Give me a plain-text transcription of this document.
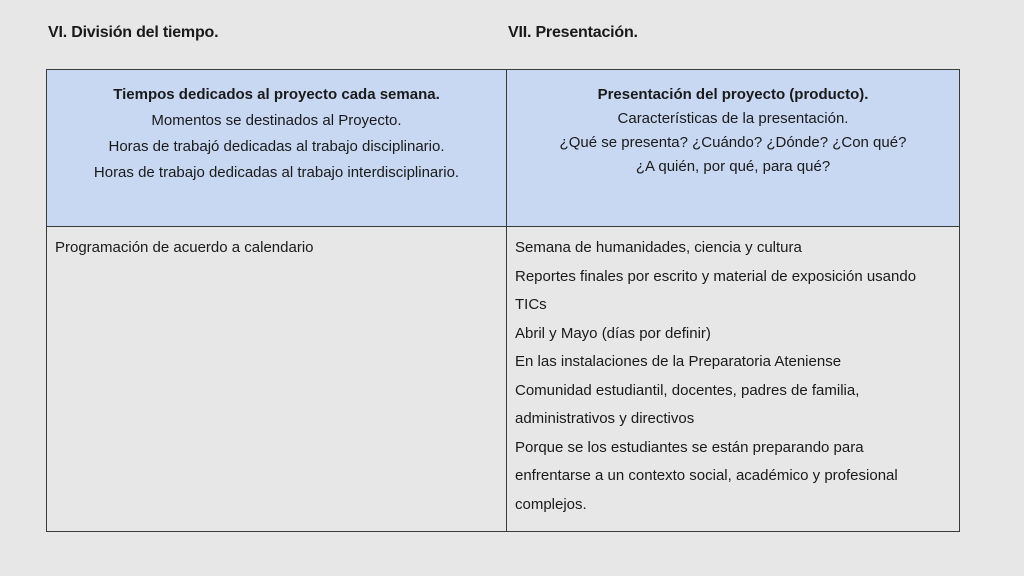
VI. División del tiempo.	VII. Presentación.
Tiempos dedicados al proyecto cada semana.
Momentos se destinados al Proyecto.
Horas de trabajó dedicadas al trabajo disciplinario.
Horas de trabajo dedicadas al trabajo interdisciplinario.
Presentación del proyecto (producto).
Características de la presentación.
¿Qué se presenta? ¿Cuándo? ¿Dónde? ¿Con qué?
¿A quién, por qué, para qué?
Programación de acuerdo a calendario	Semana de humanidades, ciencia y cultura
Reportes finales por escrito y material de exposición usando
TICs
Abril y Mayo (días por definir)
En las instalaciones de la Preparatoria Ateniense
Comunidad estudiantil, docentes, padres de familia,
administrativos y directivos
Porque se los estudiantes se están preparando para
enfrentarse a un contexto social, académico y profesional
complejos.
